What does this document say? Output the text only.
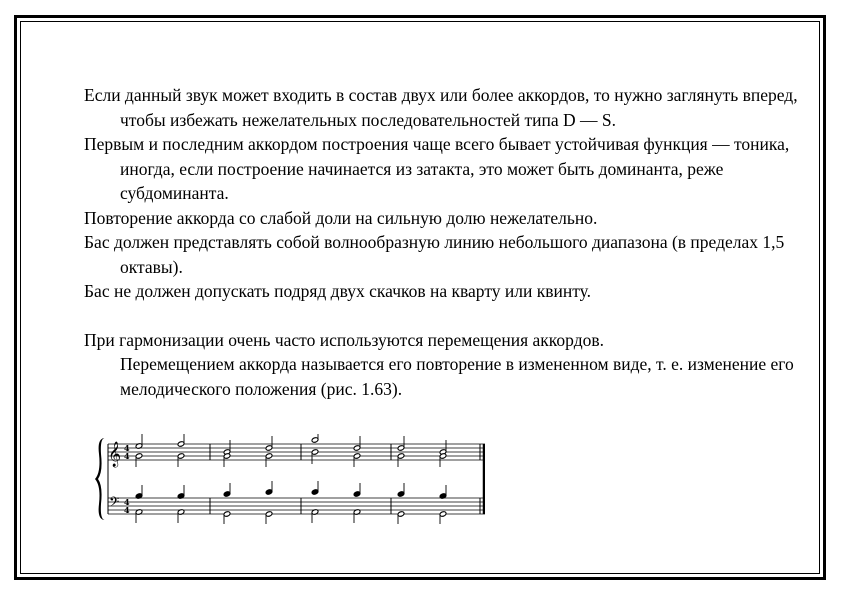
Если данный звук может входить в состав двух или более аккордов, то нужно заглянуть вперед, чтобы избежать нежелательных последовательностей типа D — S.

Первым и последним аккордом построения чаще всего бывает устойчивая функция — тоника, иногда, если построение начинается из затакта, это может быть доминанта, реже субдоминанта.

Повторение аккорда со слабой доли на сильную долю нежелательно.

Бас должен представлять собой волнообразную линию небольшого диапазона (в пределах 1,5 октавы).

Бас не должен допускать подряд двух скачков на кварту или квинту.

При гармонизации очень часто используются перемещения аккордов.
Перемещением аккорда называется его повторение в измененном виде, т. е. изменение его мелодического положения (рис. 1.63).

𝄞
𝄢
4
4
4
4
